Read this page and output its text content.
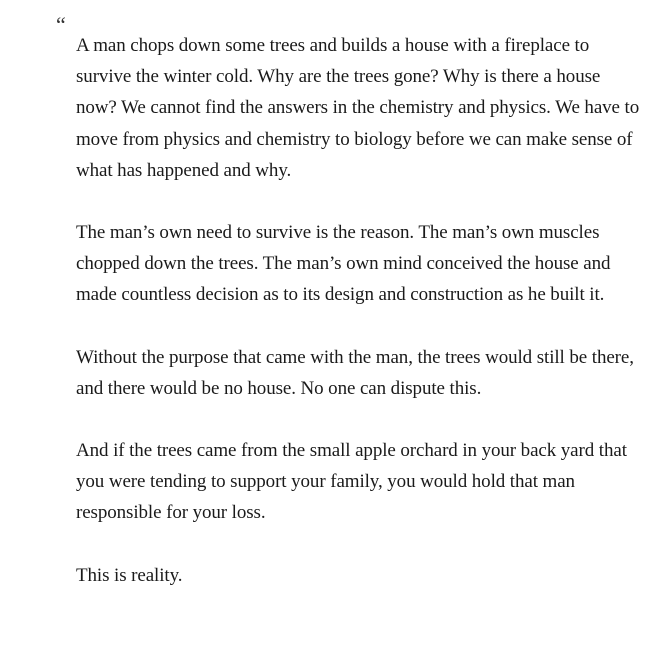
“

A man chops down some trees and builds a house with a fireplace to survive the winter cold. Why are the trees gone? Why is there a house now? We cannot find the answers in the chemistry and physics. We have to move from physics and chemistry to biology before we can make sense of what has happened and why.

The man’s own need to survive is the reason. The man’s own muscles chopped down the trees. The man’s own mind conceived the house and made countless decision as to its design and construction as he built it.

Without the purpose that came with the man, the trees would still be there, and there would be no house. No one can dispute this.

And if the trees came from the small apple orchard in your back yard that you were tending to support your family, you would hold that man responsible for your loss.

This is reality.
